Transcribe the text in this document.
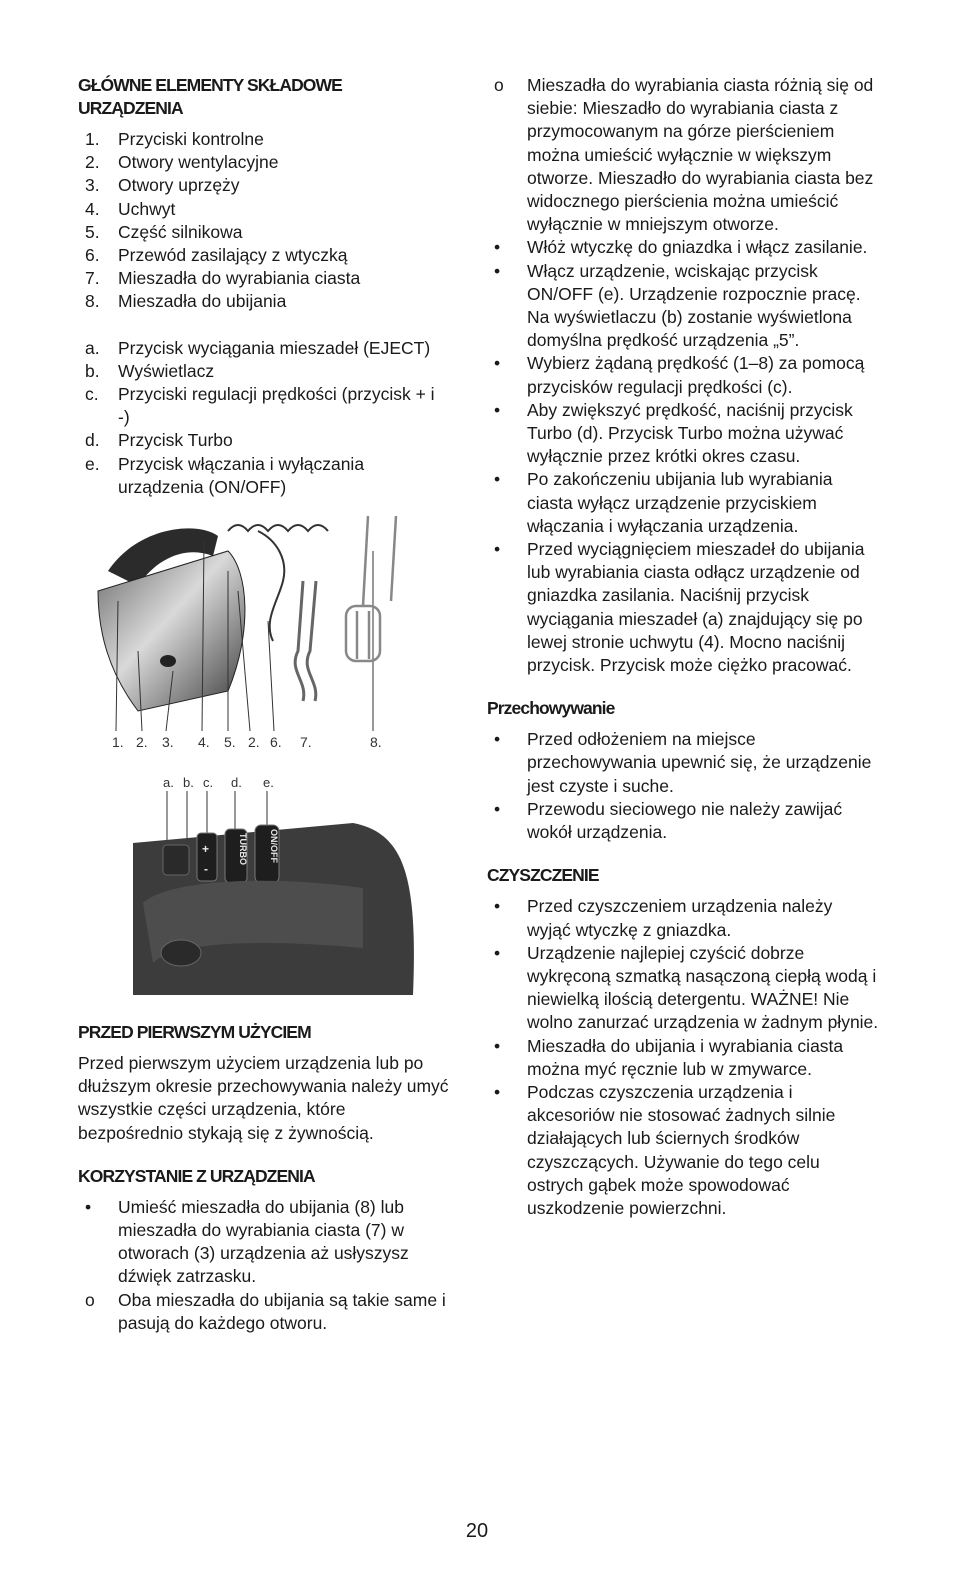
GŁÓWNE ELEMENTY SKŁADOWE URZĄDZENIA
1. Przyciski kontrolne
2. Otwory wentylacyjne
3. Otwory uprzęży
4. Uchwyt
5. Część silnikowa
6. Przewód zasilający z wtyczką
7. Mieszadła do wyrabiania ciasta
8. Mieszadła do ubijania
a. Przycisk wyciągania mieszadeł (EJECT)
b. Wyświetlacz
c. Przyciski regulacji prędkości (przycisk + i -)
d. Przycisk Turbo
e. Przycisk włączania i wyłączania urządzenia (ON/OFF)
1. 2. 3. 4. 5. 2. 6. 7.	8.
a. b. c. d. e.
+
-
TURBO ON/OFF
PRZED PIERWSZYM UŻYCIEM
Przed pierwszym użyciem urządzenia lub po dłuższym okresie przechowywania należy umyć wszystkie części urządzenia, które bezpośrednio stykają się z żywnością.
KORZYSTANIE Z URZĄDZENIA
• Umieść mieszadła do ubijania (8) lub mieszadła do wyrabiania ciasta (7) w otworach (3) urządzenia aż usłyszysz dźwięk zatrzasku.
o Oba mieszadła do ubijania są takie same i pasują do każdego otworu.
o Mieszadła do wyrabiania ciasta różnią się od siebie: Mieszadło do wyrabiania ciasta z przymocowanym na górze pierścieniem można umieścić wyłącznie w większym otworze. Mieszadło do wyrabiania ciasta bez widocznego pierścienia można umieścić wyłącznie w mniejszym otworze.
• Włóż wtyczkę do gniazdka i włącz zasilanie.
• Włącz urządzenie, wciskając przycisk ON/OFF (e). Urządzenie rozpocznie pracę. Na wyświetlaczu (b) zostanie wyświetlona domyślna prędkość urządzenia „5”.
• Wybierz żądaną prędkość (1–8) za pomocą przycisków regulacji prędkości (c).
• Aby zwiększyć prędkość, naciśnij przycisk Turbo (d). Przycisk Turbo można używać wyłącznie przez krótki okres czasu.
• Po zakończeniu ubijania lub wyrabiania ciasta wyłącz urządzenie przyciskiem włączania i wyłączania urządzenia.
• Przed wyciągnięciem mieszadeł do ubijania lub wyrabiania ciasta odłącz urządzenie od gniazdka zasilania. Naciśnij przycisk wyciągania mieszadeł (a) znajdujący się po lewej stronie uchwytu (4). Mocno naciśnij przycisk. Przycisk może ciężko pracować.
Przechowywanie
• Przed odłożeniem na miejsce przechowywania upewnić się, że urządzenie jest czyste i suche.
• Przewodu sieciowego nie należy zawijać wokół urządzenia.
CZYSZCZENIE
• Przed czyszczeniem urządzenia należy wyjąć wtyczkę z gniazdka.
• Urządzenie najlepiej czyścić dobrze wykręconą szmatką nasączoną ciepłą wodą i niewielką ilością detergentu. WAŻNE! Nie wolno zanurzać urządzenia w żadnym płynie.
• Mieszadła do ubijania i wyrabiania ciasta można myć ręcznie lub w zmywarce.
• Podczas czyszczenia urządzenia i akcesoriów nie stosować żadnych silnie działających lub ściernych środków czyszczących. Używanie do tego celu ostrych gąbek może spowodować uszkodzenie powierzchni.
20
